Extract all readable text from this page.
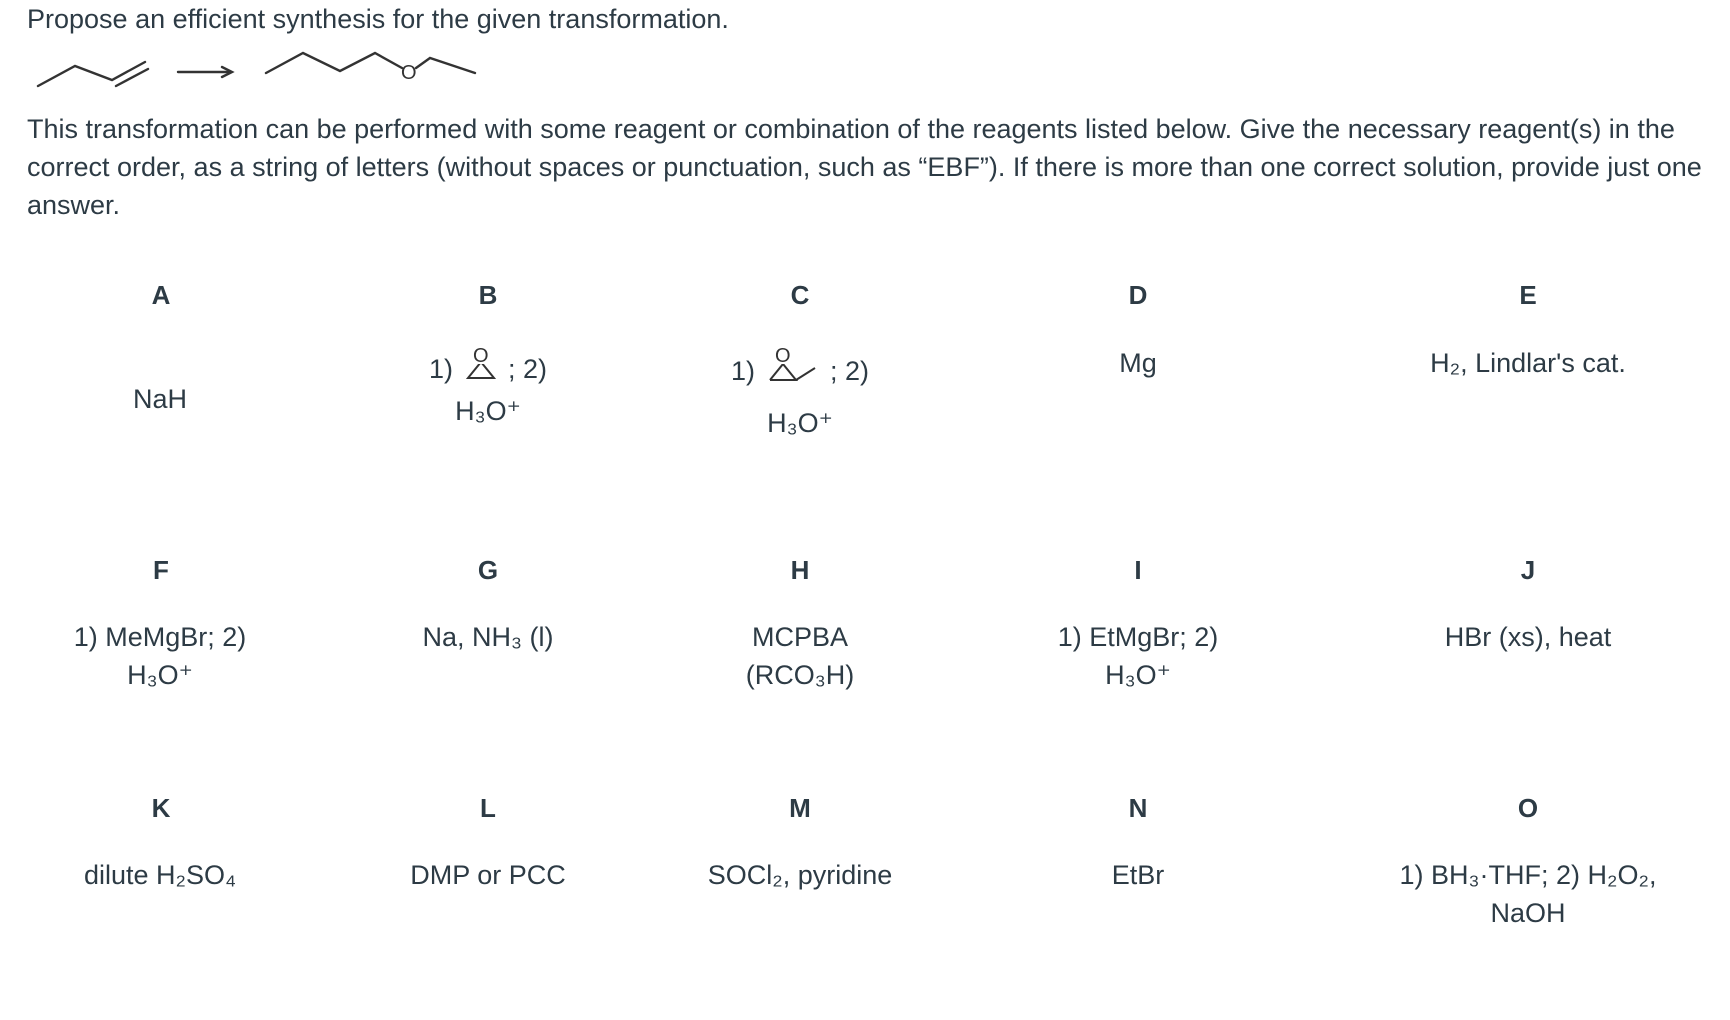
Propose an efficient synthesis for the given transformation.
O
This transformation can be performed with some reagent or combination of the reagents listed below. Give the necessary reagent(s) in the correct order, as a string of letters (without spaces or punctuation, such as “EBF”). If there is more than one correct solution, provide just one answer.
A
NaH
B
1) O ; 2)
H₃O⁺
C
1) O ; 2)
H₃O⁺
D
Mg
E
H₂, Lindlar's cat.
F
1) MeMgBr; 2)
H₃O⁺
G
Na, NH₃ (l)
H
MCPBA
(RCO₃H)
I
1) EtMgBr; 2)
H₃O⁺
J
HBr (xs), heat
K
dilute H₂SO₄
L
DMP or PCC
M
SOCl₂, pyridine
N
EtBr
O
1) BH₃·THF; 2) H₂O₂,
NaOH
